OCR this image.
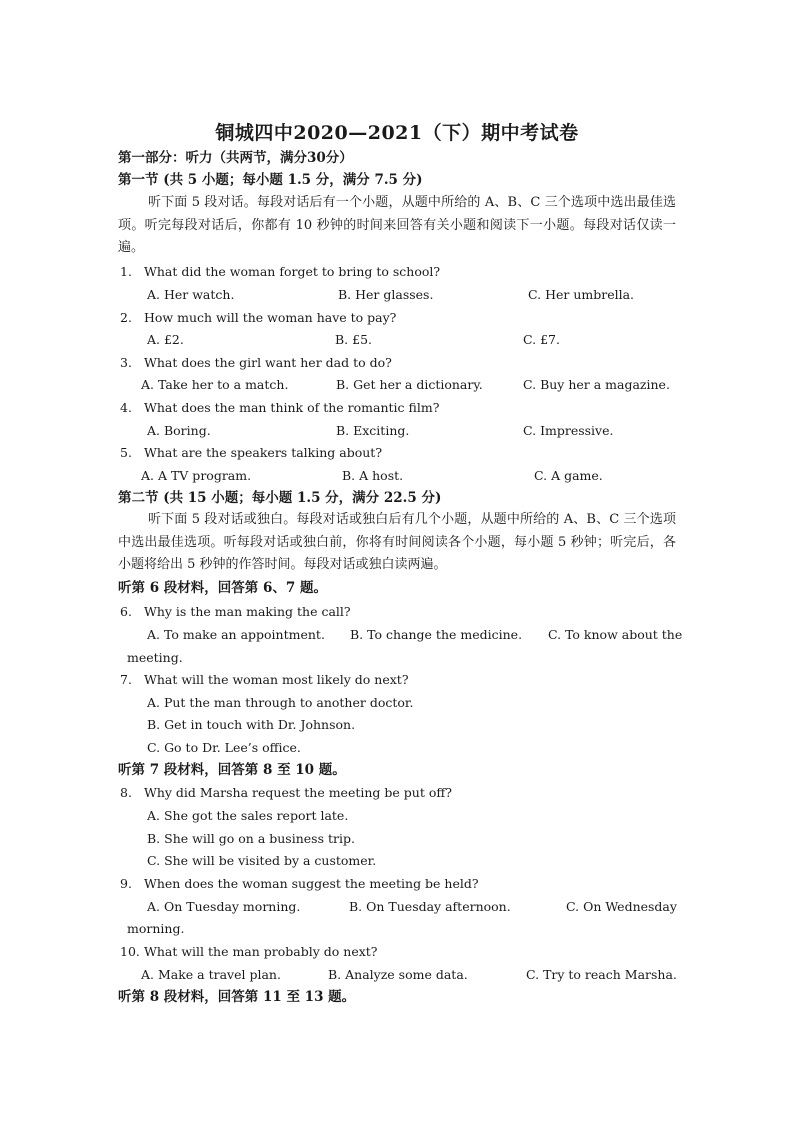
铜城四中2020—2021（下）期中考试卷
第一部分：听力（共两节，满分30分）
第一节 (共 5 小题；每小题 1.5 分，满分 7.5 分)
听下面 5 段对话。每段对话后有一个小题，从题中所给的 A、B、C 三个选项中选出最佳选项。听完每段对话后，你都有 10 秒钟的时间来回答有关小题和阅读下一小题。每段对话仅读一遍。
1. What did the woman forget to bring to school?
A. Her watch.	B. Her glasses.	C. Her umbrella.
2. How much will the woman have to pay?
A. £2.	B. £5.	C. £7.
3. What does the girl want her dad to do?
A. Take her to a match.	B. Get her a dictionary.	C. Buy her a magazine.
4. What does the man think of the romantic film?
A. Boring.	B. Exciting.	C. Impressive.
5. What are the speakers talking about?
A. A TV program.	B. A host.	C. A game.
第二节 (共 15 小题；每小题 1.5 分，满分 22.5 分)
听下面 5 段对话或独白。每段对话或独白后有几个小题，从题中所给的 A、B、C 三个选项中选出最佳选项。听每段对话或独白前，你将有时间阅读各个小题，每小题 5 秒钟；听完后，各小题将给出 5 秒钟的作答时间。每段对话或独白读两遍。
听第 6 段材料，回答第 6、7 题。
6. Why is the man making the call?
A. To make an appointment. B. To change the medicine. C. To know about the
meeting.
7. What will the woman most likely do next?
A. Put the man through to another doctor.
B. Get in touch with Dr. Johnson.
C. Go to Dr. Lee’s office.
听第 7 段材料，回答第 8 至 10 题。
8. Why did Marsha request the meeting be put off?
A. She got the sales report late.
B. She will go on a business trip.
C. She will be visited by a customer.
9. When does the woman suggest the meeting be held?
A. On Tuesday morning.	B. On Tuesday afternoon.	C. On Wednesday
morning.
10. What will the man probably do next?
A. Make a travel plan.	B. Analyze some data.	C. Try to reach Marsha.
听第 8 段材料，回答第 11 至 13 题。
